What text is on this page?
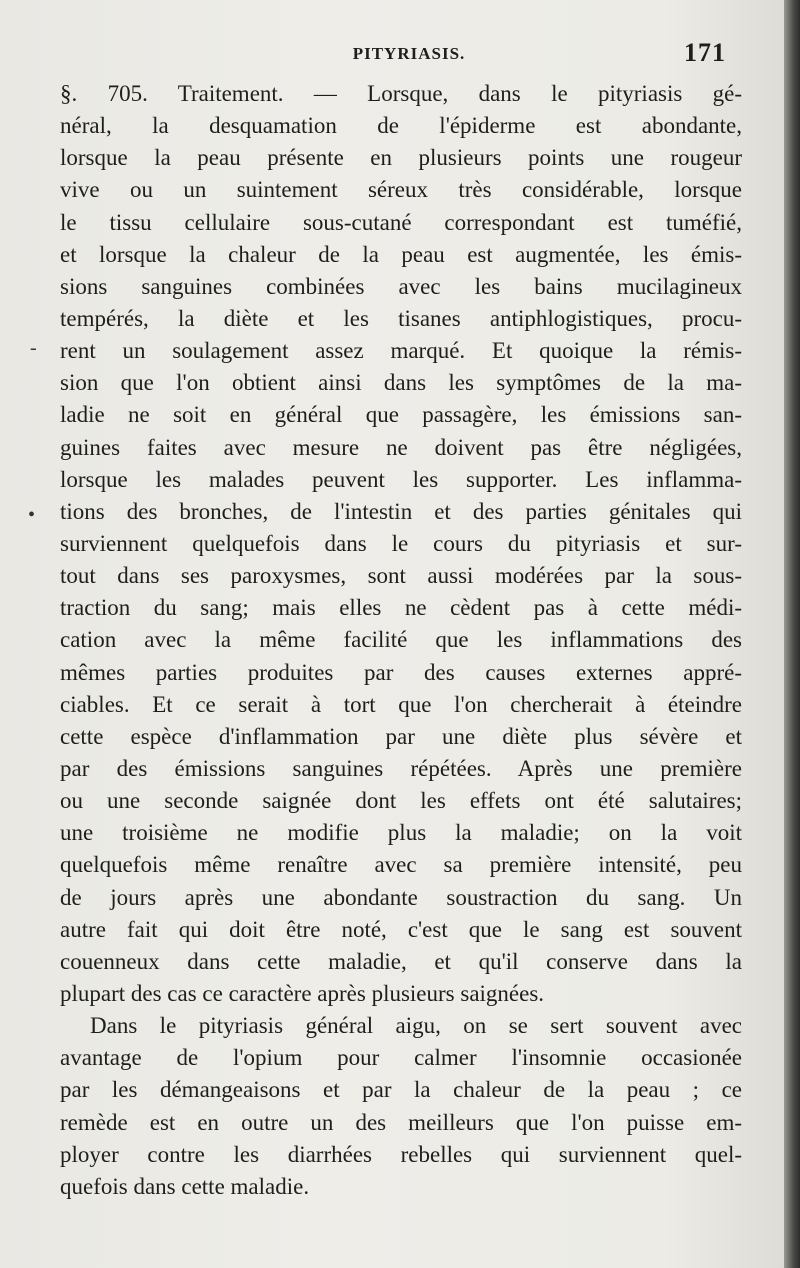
PITYRIASIS.	171
-
•
§. 705. Traitement. — Lorsque, dans le pityriasis gé-
néral, la desquamation de l'épiderme est abondante,
lorsque la peau présente en plusieurs points une rougeur
vive ou un suintement séreux très considérable, lorsque
le tissu cellulaire sous-cutané correspondant est tuméfié,
et lorsque la chaleur de la peau est augmentée, les émis-
sions sanguines combinées avec les bains mucilagineux
tempérés, la diète et les tisanes antiphlogistiques, procu-
rent un soulagement assez marqué. Et quoique la rémis-
sion que l'on obtient ainsi dans les symptômes de la ma-
ladie ne soit en général que passagère, les émissions san-
guines faites avec mesure ne doivent pas être négligées,
lorsque les malades peuvent les supporter. Les inflamma-
tions des bronches, de l'intestin et des parties génitales qui
surviennent quelquefois dans le cours du pityriasis et sur-
tout dans ses paroxysmes, sont aussi modérées par la sous-
traction du sang; mais elles ne cèdent pas à cette médi-
cation avec la même facilité que les inflammations des
mêmes parties produites par des causes externes appré-
ciables. Et ce serait à tort que l'on chercherait à éteindre
cette espèce d'inflammation par une diète plus sévère et
par des émissions sanguines répétées. Après une première
ou une seconde saignée dont les effets ont été salutaires;
une troisième ne modifie plus la maladie; on la voit
quelquefois même renaître avec sa première intensité, peu
de jours après une abondante soustraction du sang. Un
autre fait qui doit être noté, c'est que le sang est souvent
couenneux dans cette maladie, et qu'il conserve dans la
plupart des cas ce caractère après plusieurs saignées.
Dans le pityriasis général aigu, on se sert souvent avec
avantage de l'opium pour calmer l'insomnie occasionée
par les démangeaisons et par la chaleur de la peau ; ce
remède est en outre un des meilleurs que l'on puisse em-
ployer contre les diarrhées rebelles qui surviennent quel-
quefois dans cette maladie.
